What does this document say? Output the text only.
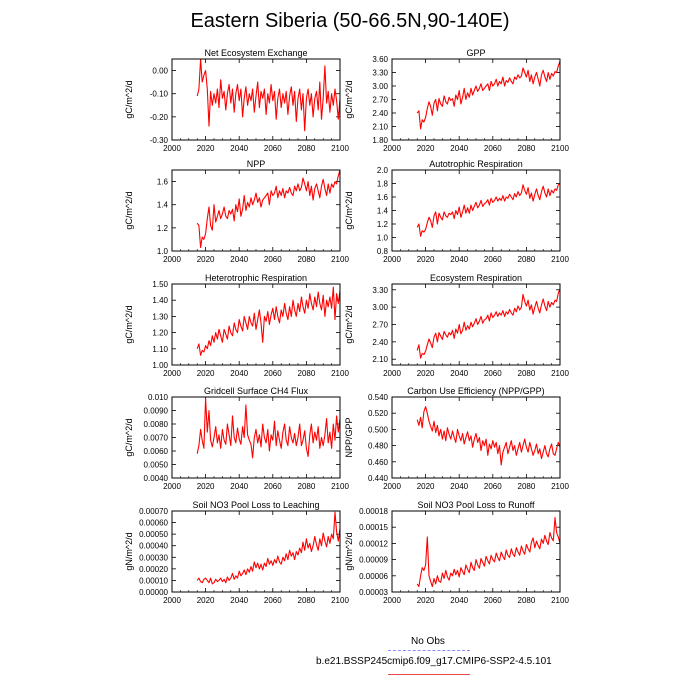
Eastern Siberia (50-66.5N,90-140E)
Net Ecosystem Exchange
gC/m^2/d
2000 2020 2040 2060 2080 2100
-0.30
-0.20
-0.10
0.00
GPP
gC/m^2/d
2000 2020 2040 2060 2080 2100
1.80
2.10
2.40
2.70
3.00
3.30
3.60
NPP
gC/m^2/d
2000 2020 2040 2060 2080 2100
1.0
1.2
1.4
1.6
Autotrophic Respiration
gC/m^2/d
2000 2020 2040 2060 2080 2100
0.8
1.0
1.2
1.4
1.6
1.8
2.0
Heterotrophic Respiration
gC/m^2/d
2000 2020 2040 2060 2080 2100
1.00
1.10
1.20
1.30
1.40
1.50
Ecosystem Respiration
gC/m^2/d
2000 2020 2040 2060 2080 2100
2.10
2.40
2.70
3.00
3.30
Gridcell Surface CH4 Flux
gC/m^2/d
2000 2020 2040 2060 2080 2100
0.0040
0.0050
0.0060
0.0070
0.0080
0.0090
0.010
Carbon Use Efficiency (NPP/GPP)
NPP/GPP
2000 2020 2040 2060 2080 2100
0.440
0.460
0.480
0.500
0.520
0.540
Soil NO3 Pool Loss to Leaching
gN/m^2/d
2000 2020 2040 2060 2080 2100
0.00000
0.00010
0.00020
0.00030
0.00040
0.00050
0.00060
0.00070
Soil NO3 Pool Loss to Runoff
gN/m^2/d
2000 2020 2040 2060 2080 2100
0.00003
0.00006
0.00009
0.00012
0.00015
0.00018
No Obs
b.e21.BSSP245cmip6.f09_g17.CMIP6-SSP2-4.5.101
